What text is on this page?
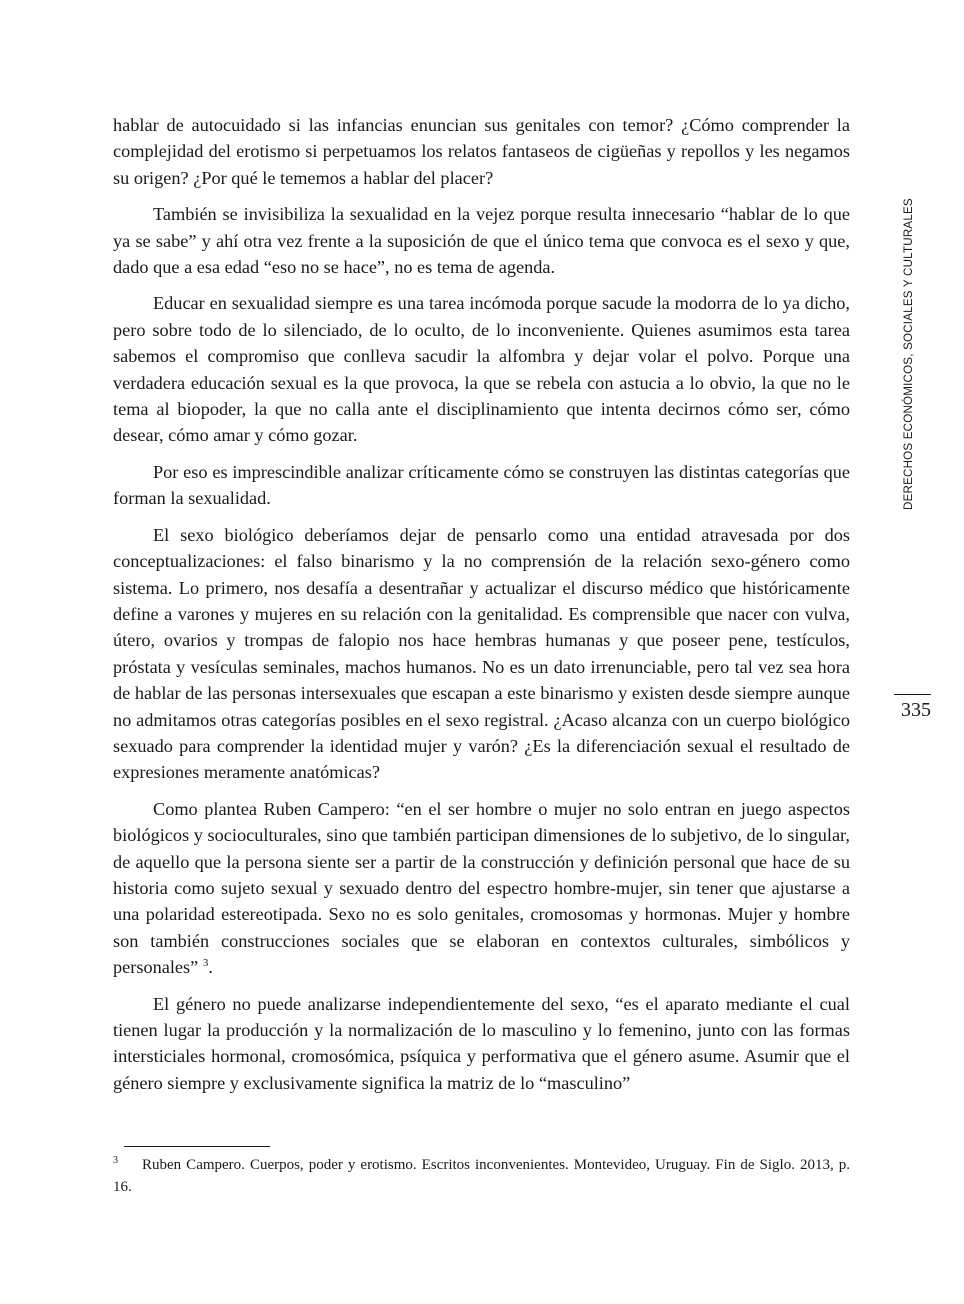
hablar de autocuidado si las infancias enuncian sus genitales con temor? ¿Cómo comprender la complejidad del erotismo si perpetuamos los relatos fantaseos de cigüeñas y repollos y les negamos su origen? ¿Por qué le tememos a hablar del placer?

También se invisibiliza la sexualidad en la vejez porque resulta innecesario “hablar de lo que ya se sabe” y ahí otra vez frente a la suposición de que el único tema que convoca es el sexo y que, dado que a esa edad “eso no se hace”, no es tema de agenda.

Educar en sexualidad siempre es una tarea incómoda porque sacude la modorra de lo ya dicho, pero sobre todo de lo silenciado, de lo oculto, de lo inconveniente. Quienes asumimos esta tarea sabemos el compromiso que conlleva sacudir la alfombra y dejar volar el polvo. Porque una verdadera educación sexual es la que provoca, la que se rebela con astucia a lo obvio, la que no le tema al biopoder, la que no calla ante el disciplinamiento que intenta decirnos cómo ser, cómo desear, cómo amar y cómo gozar.

Por eso es imprescindible analizar críticamente cómo se construyen las distintas categorías que forman la sexualidad.

El sexo biológico deberíamos dejar de pensarlo como una entidad atravesada por dos conceptualizaciones: el falso binarismo y la no comprensión de la relación sexo-género como sistema. Lo primero, nos desafía a desentrañar y actualizar el discurso médico que históricamente define a varones y mujeres en su relación con la genitalidad. Es comprensible que nacer con vulva, útero, ovarios y trompas de falopio nos hace hembras humanas y que poseer pene, testículos, próstata y vesículas seminales, machos humanos. No es un dato irrenunciable, pero tal vez sea hora de hablar de las personas intersexuales que escapan a este binarismo y existen desde siempre aunque no admitamos otras categorías posibles en el sexo registral. ¿Acaso alcanza con un cuerpo biológico sexuado para comprender la identidad mujer y varón? ¿Es la diferenciación sexual el resultado de expresiones meramente anatómicas?

Como plantea Ruben Campero: “en el ser hombre o mujer no solo entran en juego aspectos biológicos y socioculturales, sino que también participan dimensiones de lo subjetivo, de lo singular, de aquello que la persona siente ser a partir de la construcción y definición personal que hace de su historia como sujeto sexual y sexuado dentro del espectro hombre-mujer, sin tener que ajustarse a una polaridad estereotipada. Sexo no es solo genitales, cromosomas y hormonas. Mujer y hombre son también construcciones sociales que se elaboran en contextos culturales, simbólicos y personales” $^3$.

El género no puede analizarse independientemente del sexo, “es el aparato mediante el cual tienen lugar la producción y la normalización de lo masculino y lo femenino, junto con las formas intersticiales hormonal, cromosómica, psíquica y performativa que el género asume. Asumir que el género siempre y exclusivamente significa la matriz de lo “masculino”

3 Ruben Campero. Cuerpos, poder y erotismo. Escritos inconvenientes. Montevideo, Uruguay. Fin de Siglo. 2013, p. 16.
DERECHOS ECONÓMICOS, SOCIALES Y CULTURALES
335
